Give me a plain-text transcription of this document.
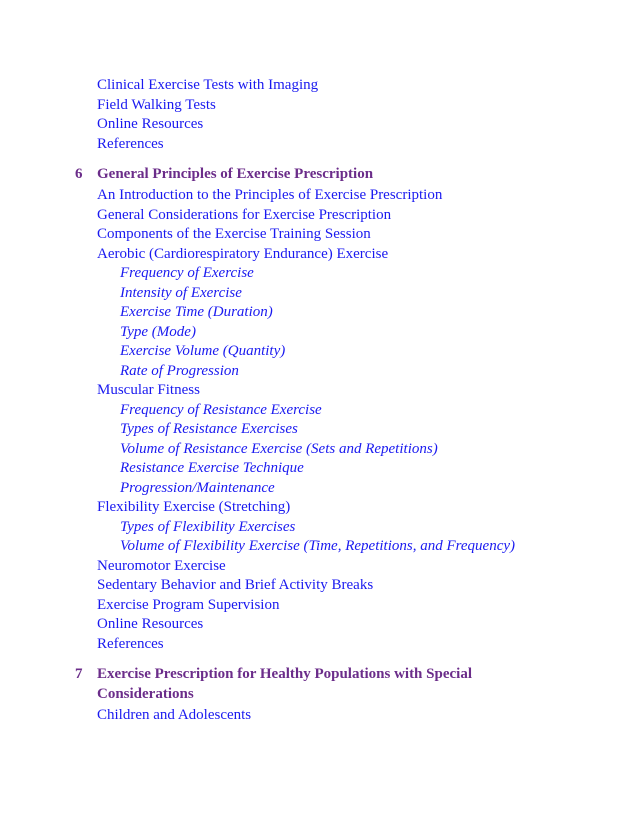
Clinical Exercise Tests with Imaging
Field Walking Tests
Online Resources
References
6 General Principles of Exercise Prescription
An Introduction to the Principles of Exercise Prescription
General Considerations for Exercise Prescription
Components of the Exercise Training Session
Aerobic (Cardiorespiratory Endurance) Exercise
Frequency of Exercise
Intensity of Exercise
Exercise Time (Duration)
Type (Mode)
Exercise Volume (Quantity)
Rate of Progression
Muscular Fitness
Frequency of Resistance Exercise
Types of Resistance Exercises
Volume of Resistance Exercise (Sets and Repetitions)
Resistance Exercise Technique
Progression/Maintenance
Flexibility Exercise (Stretching)
Types of Flexibility Exercises
Volume of Flexibility Exercise (Time, Repetitions, and Frequency)
Neuromotor Exercise
Sedentary Behavior and Brief Activity Breaks
Exercise Program Supervision
Online Resources
References
7 Exercise Prescription for Healthy Populations with Special Considerations
Children and Adolescents
